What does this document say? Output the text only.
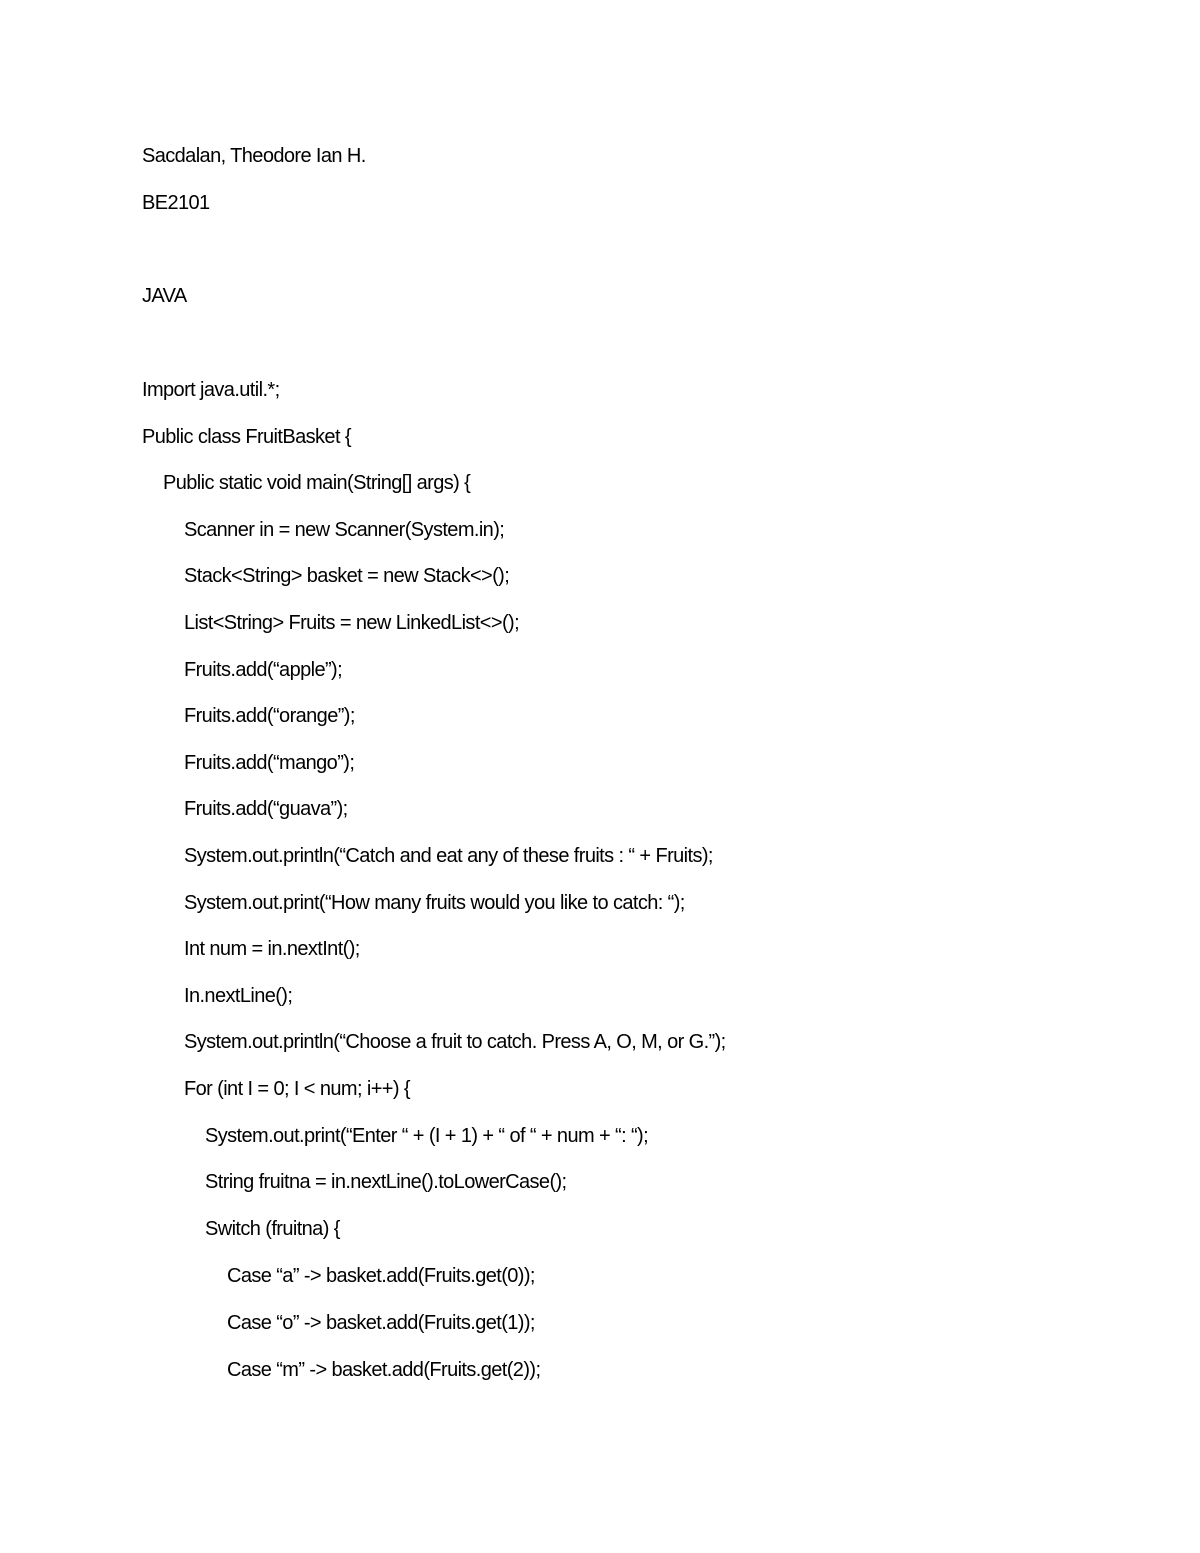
Sacdalan, Theodore Ian H.
BE2101
JAVA
Import java.util.*;
Public class FruitBasket {
Public static void main(String[] args) {
Scanner in = new Scanner(System.in);
Stack<String> basket = new Stack<>();
List<String> Fruits = new LinkedList<>();
Fruits.add(“apple”);
Fruits.add(“orange”);
Fruits.add(“mango”);
Fruits.add(“guava”);
System.out.println(“Catch and eat any of these fruits : “ + Fruits);
System.out.print(“How many fruits would you like to catch: “);
Int num = in.nextInt();
In.nextLine();
System.out.println(“Choose a fruit to catch. Press A, O, M, or G.”);
For (int I = 0; I < num; i++) {
System.out.print(“Enter “ + (I + 1) + “ of “ + num + “: “);
String fruitna = in.nextLine().toLowerCase();
Switch (fruitna) {
Case “a” -> basket.add(Fruits.get(0));
Case “o” -> basket.add(Fruits.get(1));
Case “m” -> basket.add(Fruits.get(2));
